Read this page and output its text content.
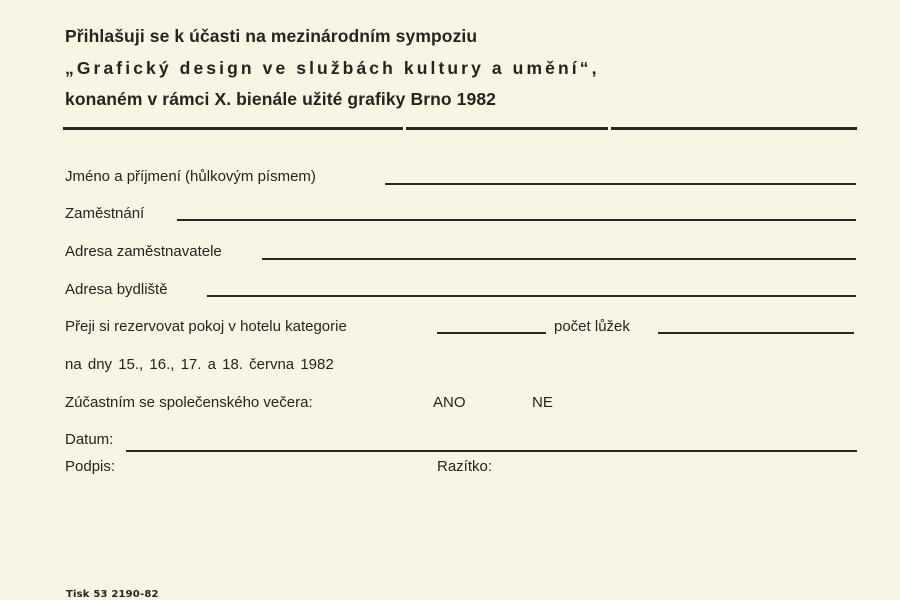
Přihlašuji se k účasti na mezinárodním sympoziu
„Grafický design ve službách kultury a umění“,
konaném v rámci X. bienále užité grafiky Brno 1982
Jméno a příjmení (hůlkovým písmem)
Zaměstnání
Adresa zaměstnavatele
Adresa bydliště
Přeji si rezervovat pokoj v hotelu kategorie	počet lůžek
na dny 15., 16., 17. a 18. června 1982
Zúčastním se společenského večera:	ANO	NE
Datum:
Podpis:	Razítko:
Tisk 53 2190-82
